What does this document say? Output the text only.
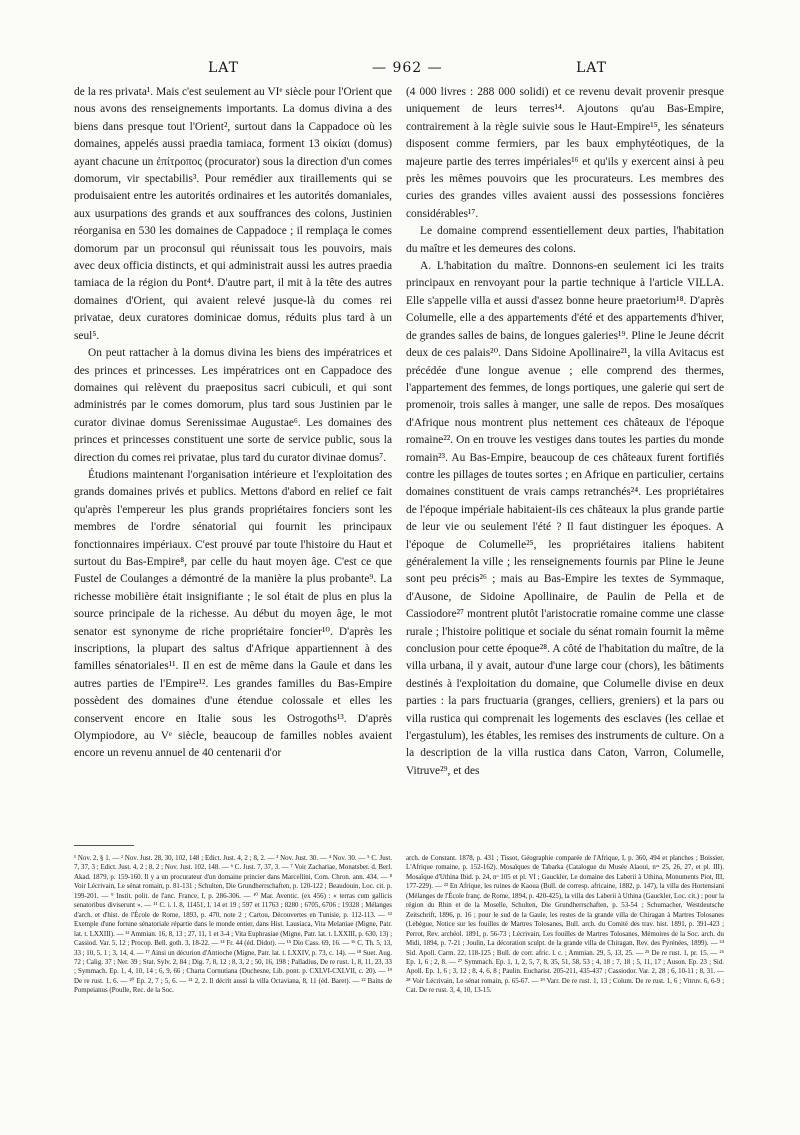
LAT	— 962 —	LAT

de la res privata¹. Mais c'est seulement au VIᵉ siècle pour l'Orient que nous avons des renseignements importants. La domus divina a des biens dans presque tout l'Orient², surtout dans la Cappadoce où les domaines, appelés aussi praedia tamiaca, forment 13 οἰκίαι (domus) ayant chacune un ἐπίτροπος (procurator) sous la direction d'un comes domorum, vir spectabilis³. Pour remédier aux tiraillements qui se produisaient entre les autorités ordinaires et les autorités domaniales, aux usurpations des grands et aux souffrances des colons, Justinien réorganisa en 530 les domaines de Cappadoce ; il remplaça le comes domorum par un proconsul qui réunissait tous les pouvoirs, mais avec deux officia distincts, et qui administrait aussi les autres praedia tamiaca de la région du Pont⁴. D'autre part, il mit à la tête des autres domaines d'Orient, qui avaient relevé jusque-là du comes rei privatae, deux curatores dominicae domus, réduits plus tard à un seul⁵.

On peut rattacher à la domus divina les biens des impératrices et des princes et princesses. Les impératrices ont en Cappadoce des domaines qui relèvent du praepositus sacri cubiculi, et qui sont administrés par le comes domorum, plus tard sous Justinien par le curator divinae domus Serenissimae Augustae⁶. Les domaines des princes et princesses constituent une sorte de service public, sous la direction du comes rei privatae, plus tard du curator divinae domus⁷.

Étudions maintenant l'organisation intérieure et l'exploitation des grands domaines privés et publics. Mettons d'abord en relief ce fait qu'après l'empereur les plus grands propriétaires fonciers sont les membres de l'ordre sénatorial qui fournit les principaux fonctionnaires impériaux. C'est prouvé par toute l'histoire du Haut et surtout du Bas-Empire⁸, par celle du haut moyen âge. C'est ce que Fustel de Coulanges a démontré de la manière la plus probante⁹. La richesse mobilière était insignifiante ; le sol était de plus en plus la source principale de la richesse. Au début du moyen âge, le mot senator est synonyme de riche propriétaire foncier¹⁰. D'après les inscriptions, la plupart des saltus d'Afrique appartiennent à des familles sénatoriales¹¹. Il en est de même dans la Gaule et dans les autres parties de l'Empire¹². Les grandes familles du Bas-Empire possèdent des domaines d'une étendue colossale et elles les conservent encore en Italie sous les Ostrogoths¹³. D'après Olympiodore, au Vᵉ siècle, beaucoup de familles nobles avaient encore un revenu annuel de 40 centenarii d'or

(4 000 livres : 288 000 solidi) et ce revenu devait provenir presque uniquement de leurs terres¹⁴. Ajoutons qu'au Bas-Empire, contrairement à la règle suivie sous le Haut-Empire¹⁵, les sénateurs disposent comme fermiers, par les baux emphytéotiques, de la majeure partie des terres impériales¹⁶ et qu'ils y exercent ainsi à peu près les mêmes pouvoirs que les procurateurs. Les membres des curies des grandes villes avaient aussi des possessions foncières considérables¹⁷.

Le domaine comprend essentiellement deux parties, l'habitation du maître et les demeures des colons.

A. L'habitation du maître. Donnons-en seulement ici les traits principaux en renvoyant pour la partie technique à l'article VILLA. Elle s'appelle villa et aussi d'assez bonne heure praetorium¹⁸. D'après Columelle, elle a des appartements d'été et des appartements d'hiver, de grandes salles de bains, de longues galeries¹⁹. Pline le Jeune décrit deux de ces palais²⁰. Dans Sidoine Apollinaire²¹, la villa Avitacus est précédée d'une longue avenue ; elle comprend des thermes, l'appartement des femmes, de longs portiques, une galerie qui sert de promenoir, trois salles à manger, une salle de repos. Des mosaïques d'Afrique nous montrent plus nettement ces châteaux de l'époque romaine²². On en trouve les vestiges dans toutes les parties du monde romain²³. Au Bas-Empire, beaucoup de ces châteaux furent fortifiés contre les pillages de toutes sortes ; en Afrique en particulier, certains domaines constituent de vrais camps retranchés²⁴. Les propriétaires de l'époque impériale habitaient-ils ces châteaux la plus grande partie de leur vie ou seulement l'été ? Il faut distinguer les époques. A l'époque de Columelle²⁵, les propriétaires italiens habitent généralement la ville ; les renseignements fournis par Pline le Jeune sont peu précis²⁶ ; mais au Bas-Empire les textes de Symmaque, d'Ausone, de Sidoine Apollinaire, de Paulin de Pella et de Cassiodore²⁷ montrent plutôt l'aristocratie romaine comme une classe rurale ; l'histoire politique et sociale du sénat romain fournit la même conclusion pour cette époque²⁸. A côté de l'habitation du maître, de la villa urbana, il y avait, autour d'une large cour (chors), les bâtiments destinés à l'exploitation du domaine, que Columelle divise en deux parties : la pars fructuaria (granges, celliers, greniers) et la pars ou villa rustica qui comprenait les logements des esclaves (les cellae et l'ergastulum), les étables, les remises des instruments de culture. On a la description de la villa rustica dans Caton, Varron, Columelle, Vitruve²⁹, et des

¹ Nov. 2, § 1. — ² Nov. Just. 28, 30, 102, 148 ; Edict. Just. 4, 2 ; 8, 2. — ³ Nov. Just. 30. — ⁴ Nov. 30. — ⁵ C. Just. 7, 37, 3 ; Edict. Just. 4, 2 ; 8, 2 ; Nov. Just. 102, 148. — ⁶ C. Just. 7, 37, 3. — ⁷ Voir Zachariae, Monatsber. d. Berl. Akad. 1879, p. 159-160. Il y a un procurateur d'un domaine princier dans Marcellini, Com. Chron. ann. 434. — ⁸ Voir Lécrivain, Le sénat romain, p. 81-131 ; Schulten, Die Grundherrschaften, p. 120-122 ; Beaudouin, Loc. cit. p. 199-201. — ⁹ Instit. polit. de l'anc. France, I, p. 286-306. — ¹⁰ Mar. Aventic. (ex 456) : « terras cum gallicis senatoribus diviserunt ». — ¹¹ C. i. l. 8, 11451, I. 14 et 19 ; 597 et 11763 ; 8280 ; 6705, 6706 ; 19328 ; Mélanges d'arch. et d'hist. de l'École de Rome, 1893, p. 470, note 2 ; Cartou, Découvertes en Tunisie, p. 112-113. — ¹² Exemple d'une fortune sénatoriale répartie dans le monde entier, dans Hist. Lausiaca, Vita Melaniae (Migne, Patr. lat. t. LXXIII). — ¹³ Ammian. 16, 8, 13 ; 27, 11, 1 et 3-4 ; Vita Euphrasiae (Migne, Patr. lat. t. LXXIII, p. 630, 13) ; Cassiod. Var. 5, 12 ; Procop. Bell. goth. 3, 18-22. — ¹⁴ Fr. 44 (éd. Didot). — ¹⁵ Dio Cass. 69, 16. — ¹⁶ C. Th. 5, 13, 33 ; 10, 5, 1 ; 3, 14, 4. — ¹⁷ Ainsi un décurion d'Antioche (Migne, Patr. lat. t. LXXIV, p. 73, c. 14). — ¹⁸ Suet. Aug. 72 ; Calig. 37 ; Ner. 39 ; Stat. Sylv. 2, 84 ; Dig. 7, 8, 12 ; 8, 3, 2 ; 50, 16, 198 ; Palladius, De re rust. 1, 8, 11, 23, 33 ; Symmach. Ep. 1, 4, 10, 14 ; 6, 9, 66 ; Charta Cornutiana (Duchesne, Lib. pont. p. CXLVI-CXLVII, c. 20). — ¹⁹ De re rust. 1, 6. — ²⁰ Ep. 2, 7 ; 5, 6. — ²¹ 2, 2. Il décrit aussi la villa Octaviana, 8, 11 (éd. Baret). — ²² Bains de Pompeianus (Poulle, Rec. de la Soc.
arch. de Constant. 1878, p. 431 ; Tissot, Géographie comparée de l'Afrique, I, p. 360, 494 et planches ; Boissier, L'Afrique romaine, p. 152-162). Mosaïques de Tabarka (Catalogue du Musée Alaoui, nᵒˢ 25, 26, 27, et pl. III). Mosaïque d'Uthina Ibid. p. 24, nᵒ 105 et pl. VI ; Gauckler, Le domaine des Laberii à Uthina, Monuments Piot, III, 177-229). — ²³ En Afrique, les ruines de Kaoua (Bull. de corresp. africaine, 1882, p. 147), la villa des Hortensiani (Mélanges de l'École franç. de Rome, 1894, p. 420-425), la villa des Laberii à Uthina (Gauckler, Loc. cit.) ; pour la région du Rhin et de la Moselle, Schulten, Die Grundherrschaften, p. 53-54 ; Schumacher, Westdeutsche Zeitschrift, 1896, p. 16 ; pour le sud de la Gaule, les restes de la grande villa de Chiragan à Martres Tolosanes (Lebègue, Notice sur les fouilles de Martres Tolosanes, Bull. arch. du Comité des trav. hist. 1891, p. 391-423 ; Perrot, Rev. archéol. 1891, p. 56-73 ; Lécrivain, Les fouilles de Martres Tolosanes, Mémoires de la Soc. arch. du Midi, 1894, p. 7-21 ; Joulin, La décoration sculpt. de la grande villa de Chiragan, Rev. des Pyrénées, 1899). — ²⁴ Sid. Apoll. Carm. 22, 118-125 ; Bull. de corr. afric. l. c. ; Ammian. 29, 5, 13, 25. — ²⁵ De re rust. 1, pr. 15. — ²⁶ Ep. 1, 6 ; 2, 8. — ²⁷ Symmach. Ep. 1, 1, 2, 5, 7, 8, 35, 51, 58, 53 ; 4, 18 ; 7, 18 ; 5, 11, 17 ; Auson. Ep. 23 ; Sid. Apoll. Ep. 1, 6 ; 3, 12 ; 8, 4, 6, 8 ; Paulin. Eucharist. 205-211, 435-437 ; Cassiodor. Var. 2, 28 ; 6, 10-11 ; 8, 31. — ²⁸ Voir Lécrivain, Le sénat romain, p. 65-67. — ²⁹ Varr. De re rust. 1, 13 ; Colum. De re rust. 1, 6 ; Vitruv. 6, 6-9 ; Cat. De re rust. 3, 4, 10, 13-15.
